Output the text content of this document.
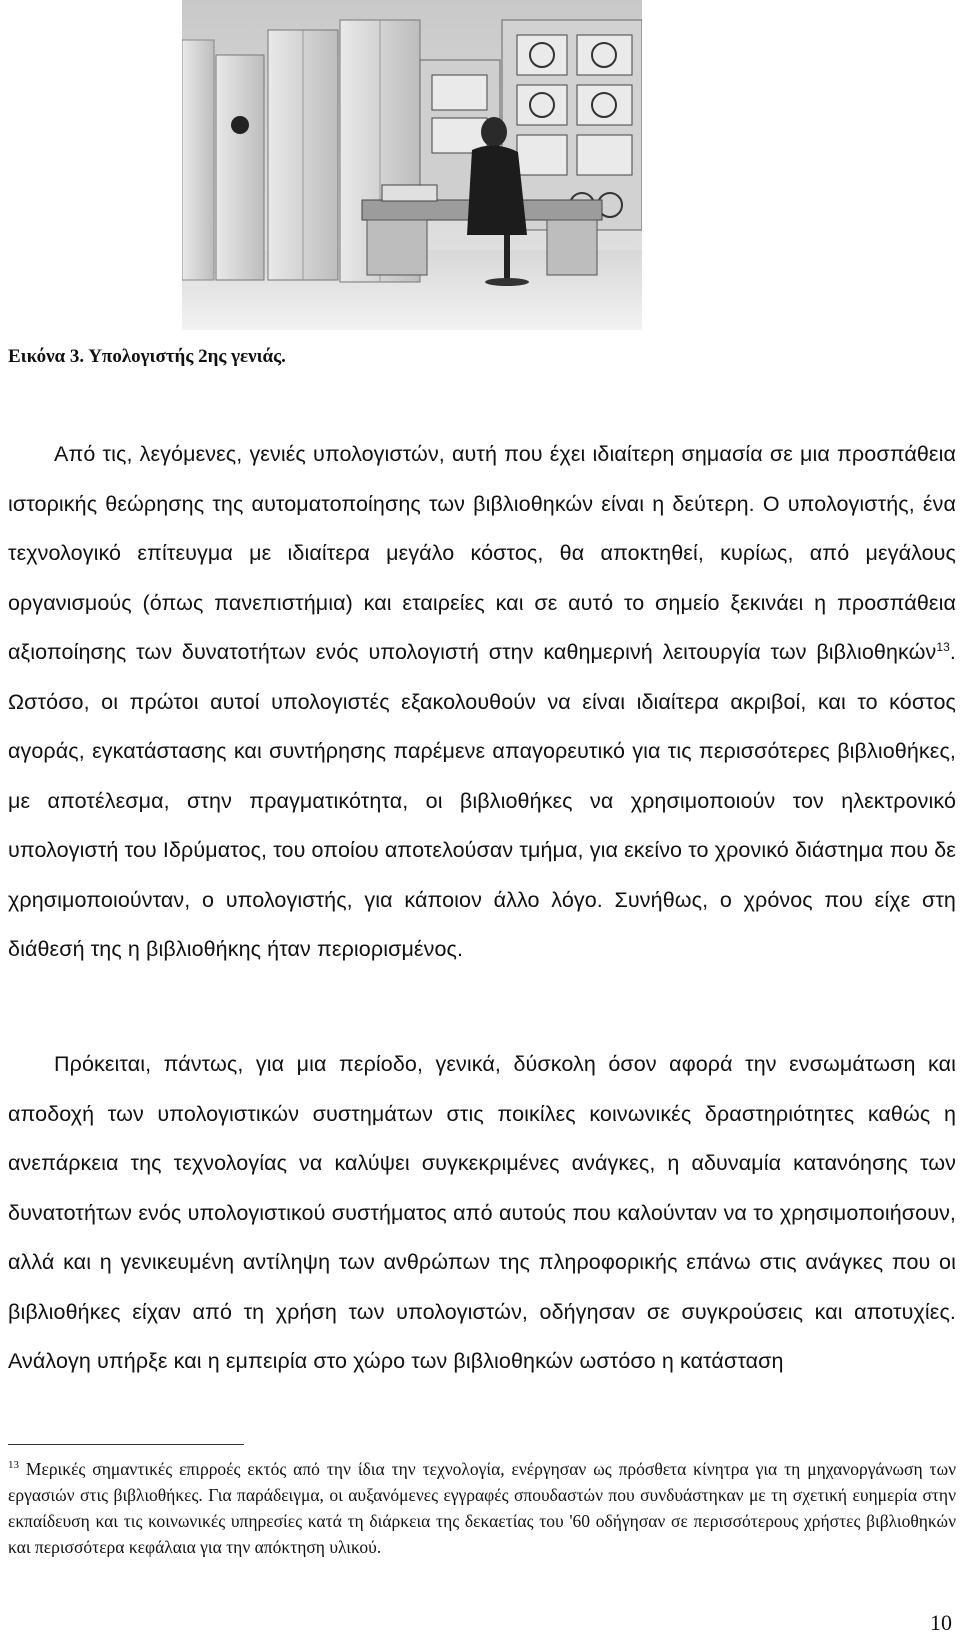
Εικόνα 3. Υπολογιστής 2ης γενιάς.

Από τις, λεγόμενες, γενιές υπολογιστών, αυτή που έχει ιδιαίτερη σημασία σε μια προσπάθεια ιστορικής θεώρησης της αυτοματοποίησης των βιβλιοθηκών είναι η δεύτερη. Ο υπολογιστής, ένα τεχνολογικό επίτευγμα με ιδιαίτερα μεγάλο κόστος, θα αποκτηθεί, κυρίως, από μεγάλους οργανισμούς (όπως πανεπιστήμια) και εταιρείες και σε αυτό το σημείο ξεκινάει η προσπάθεια αξιοποίησης των δυνατοτήτων ενός υπολογιστή στην καθημερινή λειτουργία των βιβλιοθηκών$^{13}$. Ωστόσο, οι πρώτοι αυτοί υπολογιστές εξακολουθούν να είναι ιδιαίτερα ακριβοί, και το κόστος αγοράς, εγκατάστασης και συντήρησης παρέμενε απαγορευτικό για τις περισσότερες βιβλιοθήκες, με αποτέλεσμα, στην πραγματικότητα, οι βιβλιοθήκες να χρησιμοποιούν τον ηλεκτρονικό υπολογιστή του Ιδρύματος, του οποίου αποτελούσαν τμήμα, για εκείνο το χρονικό διάστημα που δε χρησιμοποιούνταν, ο υπολογιστής, για κάποιον άλλο λόγο. Συνήθως, ο χρόνος που είχε στη διάθεσή της η βιβλιοθήκης ήταν περιορισμένος.

Πρόκειται, πάντως, για μια περίοδο, γενικά, δύσκολη όσον αφορά την ενσωμάτωση και αποδοχή των υπολογιστικών συστημάτων στις ποικίλες κοινωνικές δραστηριότητες καθώς η ανεπάρκεια της τεχνολογίας να καλύψει συγκεκριμένες ανάγκες, η αδυναμία κατανόησης των δυνατοτήτων ενός υπολογιστικού συστήματος από αυτούς που καλούνταν να το χρησιμοποιήσουν, αλλά και η γενικευμένη αντίληψη των ανθρώπων της πληροφορικής επάνω στις ανάγκες που οι βιβλιοθήκες είχαν από τη χρήση των υπολογιστών, οδήγησαν σε συγκρούσεις και αποτυχίες. Ανάλογη υπήρξε και η εμπειρία στο χώρο των βιβλιοθηκών ωστόσο η κατάσταση

$^{13}$ Μερικές σημαντικές επιρροές εκτός από την ίδια την τεχνολογία, ενέργησαν ως πρόσθετα κίνητρα για τη μηχανοργάνωση των εργασιών στις βιβλιοθήκες. Για παράδειγμα, οι αυξανόμενες εγγραφές σπουδαστών που συνδυάστηκαν με τη σχετική ευημερία στην εκπαίδευση και τις κοινωνικές υπηρεσίες κατά τη διάρκεια της δεκαετίας του '60 οδήγησαν σε περισσότερους χρήστες βιβλιοθηκών και περισσότερα κεφάλαια για την απόκτηση υλικού.

10
